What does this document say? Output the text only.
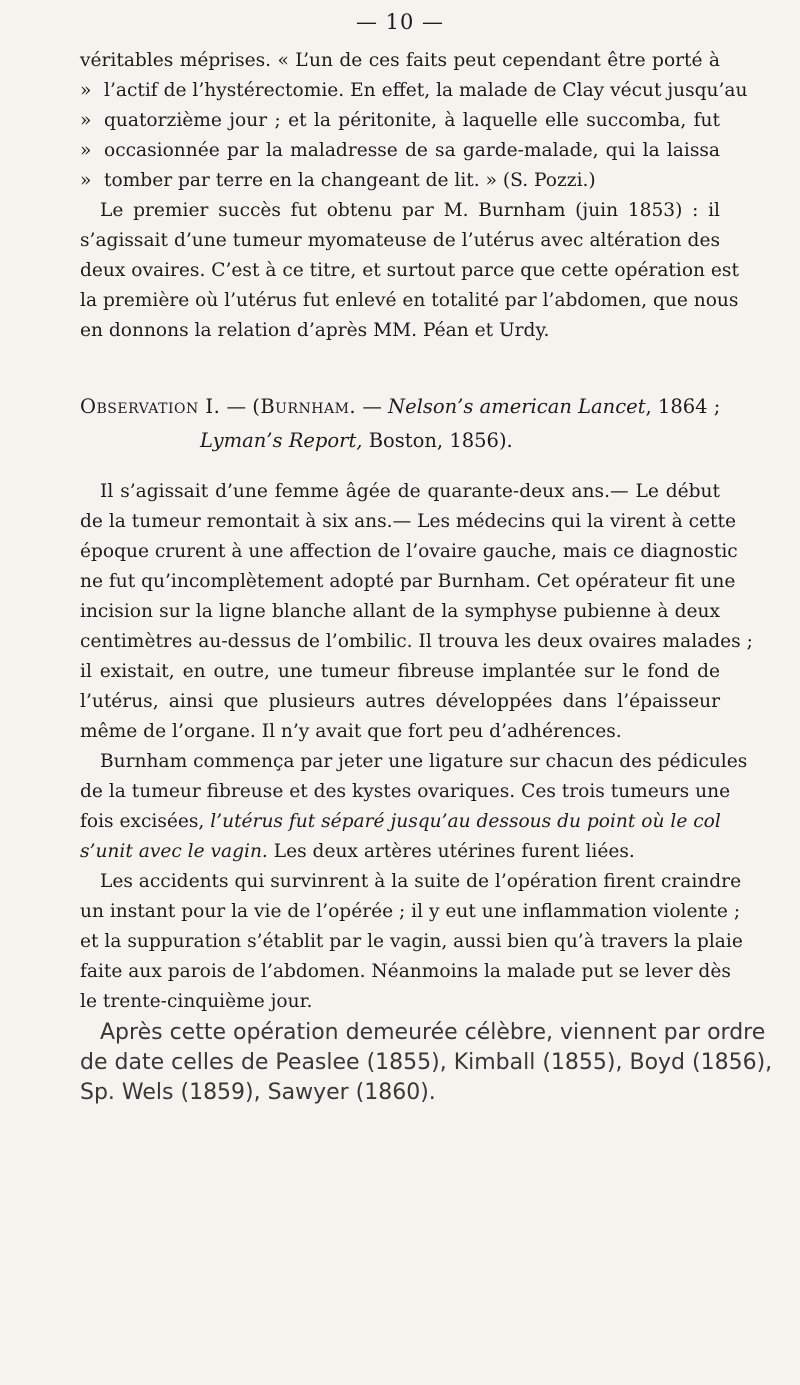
— 10 —
véritables méprises. « L’un de ces faits peut cependant être porté à
» l’actif de l’hystérectomie. En effet, la malade de Clay vécut jusqu’au
» quatorzième jour ; et la péritonite, à laquelle elle succomba, fut
» occasionnée par la maladresse de sa garde-malade, qui la laissa
» tomber par terre en la changeant de lit. » (S. Pozzi.)
Le premier succès fut obtenu par M. Burnham (juin 1853) : il
s’agissait d’une tumeur myomateuse de l’utérus avec altération des
deux ovaires. C’est à ce titre, et surtout parce que cette opération est
la première où l’utérus fut enlevé en totalité par l’abdomen, que nous
en donnons la relation d’après MM. Péan et Urdy.
Observation I. — (Burnham. — Nelson’s american Lancet, 1864 ;
Lyman’s Report, Boston, 1856).
Il s’agissait d’une femme âgée de quarante-deux ans.— Le début
de la tumeur remontait à six ans.— Les médecins qui la virent à cette
époque crurent à une affection de l’ovaire gauche, mais ce diagnostic
ne fut qu’incomplètement adopté par Burnham. Cet opérateur fit une
incision sur la ligne blanche allant de la symphyse pubienne à deux
centimètres au-dessus de l’ombilic. Il trouva les deux ovaires malades ;
il existait, en outre, une tumeur fibreuse implantée sur le fond de
l’utérus, ainsi que plusieurs autres développées dans l’épaisseur
même de l’organe. Il n’y avait que fort peu d’adhérences.
Burnham commença par jeter une ligature sur chacun des pédicules
de la tumeur fibreuse et des kystes ovariques. Ces trois tumeurs une
fois excisées, l’utérus fut séparé jusqu’au dessous du point où le col
s’unit avec le vagin. Les deux artères utérines furent liées.
Les accidents qui survinrent à la suite de l’opération firent craindre
un instant pour la vie de l’opérée ; il y eut une inflammation violente ;
et la suppuration s’établit par le vagin, aussi bien qu’à travers la plaie
faite aux parois de l’abdomen. Néanmoins la malade put se lever dès
le trente-cinquième jour.
Après cette opération demeurée célèbre, viennent par ordre
de date celles de Peaslee (1855), Kimball (1855), Boyd (1856),
Sp. Wels (1859), Sawyer (1860).
